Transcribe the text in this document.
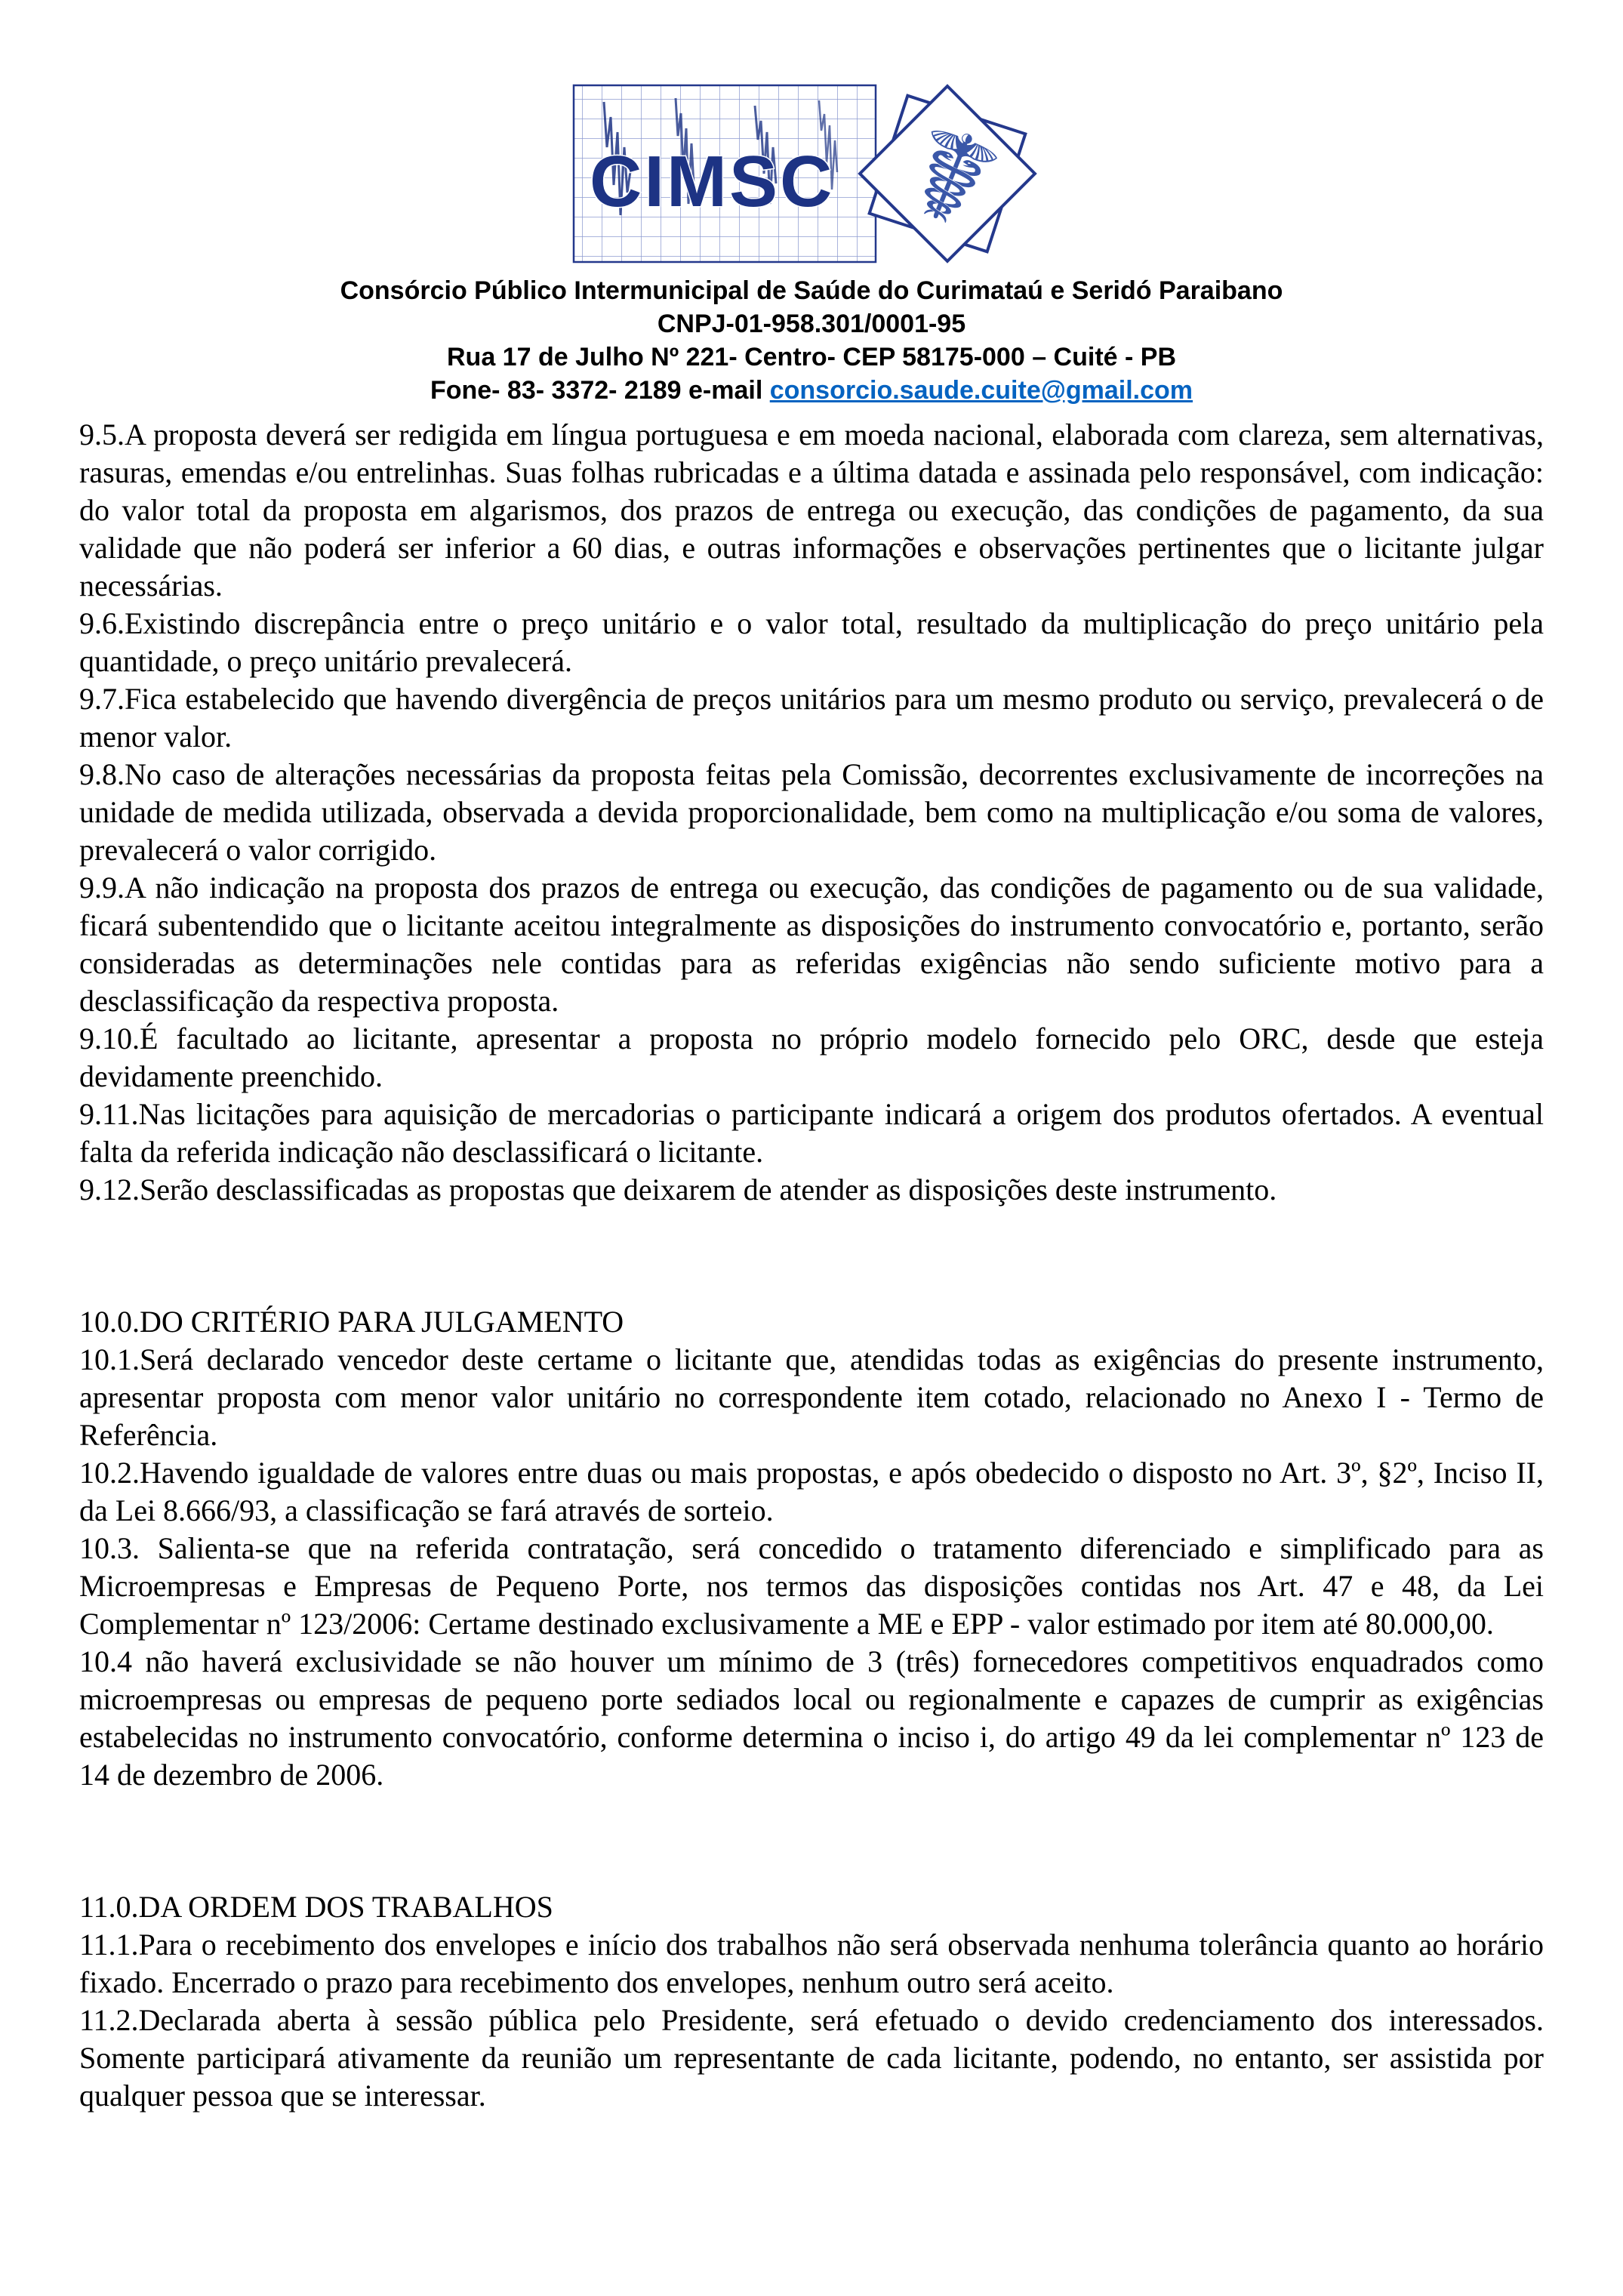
CIMSC ☤
Consórcio Público Intermunicipal de Saúde do Curimataú e Seridó Paraibano
CNPJ-01-958.301/0001-95
Rua 17 de Julho Nº 221- Centro- CEP 58175-000 – Cuité - PB
Fone- 83- 3372- 2189 e-mail consorcio.saude.cuite@gmail.com

9.5.A proposta deverá ser redigida em língua portuguesa e em moeda nacional, elaborada com clareza, sem alternativas, rasuras, emendas e/ou entrelinhas. Suas folhas rubricadas e a última datada e assinada pelo responsável, com indicação: do valor total da proposta em algarismos, dos prazos de entrega ou execução, das condições de pagamento, da sua validade que não poderá ser inferior a 60 dias, e outras informações e observações pertinentes que o licitante julgar necessárias.

9.6.Existindo discrepância entre o preço unitário e o valor total, resultado da multiplicação do preço unitário pela quantidade, o preço unitário prevalecerá.

9.7.Fica estabelecido que havendo divergência de preços unitários para um mesmo produto ou serviço, prevalecerá o de menor valor.

9.8.No caso de alterações necessárias da proposta feitas pela Comissão, decorrentes exclusivamente de incorreções na unidade de medida utilizada, observada a devida proporcionalidade, bem como na multiplicação e/ou soma de valores, prevalecerá o valor corrigido.

9.9.A não indicação na proposta dos prazos de entrega ou execução, das condições de pagamento ou de sua validade, ficará subentendido que o licitante aceitou integralmente as disposições do instrumento convocatório e, portanto, serão consideradas as determinações nele contidas para as referidas exigências não sendo suficiente motivo para a desclassificação da respectiva proposta.

9.10.É facultado ao licitante, apresentar a proposta no próprio modelo fornecido pelo ORC, desde que esteja devidamente preenchido.

9.11.Nas licitações para aquisição de mercadorias o participante indicará a origem dos produtos ofertados. A eventual falta da referida indicação não desclassificará o licitante.

9.12.Serão desclassificadas as propostas que deixarem de atender as disposições deste instrumento.

10.0.DO CRITÉRIO PARA JULGAMENTO

10.1.Será declarado vencedor deste certame o licitante que, atendidas todas as exigências do presente instrumento, apresentar proposta com menor valor unitário no correspondente item cotado, relacionado no Anexo I - Termo de Referência.

10.2.Havendo igualdade de valores entre duas ou mais propostas, e após obedecido o disposto no Art. 3º, §2º, Inciso II, da Lei 8.666/93, a classificação se fará através de sorteio.

10.3. Salienta-se que na referida contratação, será concedido o tratamento diferenciado e simplificado para as Microempresas e Empresas de Pequeno Porte, nos termos das disposições contidas nos Art. 47 e 48, da Lei Complementar nº 123/2006: Certame destinado exclusivamente a ME e EPP - valor estimado por item até 80.000,00.

10.4 não haverá exclusividade se não houver um mínimo de 3 (três) fornecedores competitivos enquadrados como microempresas ou empresas de pequeno porte sediados local ou regionalmente e capazes de cumprir as exigências estabelecidas no instrumento convocatório, conforme determina o inciso i, do artigo 49 da lei complementar nº 123 de 14 de dezembro de 2006.

11.0.DA ORDEM DOS TRABALHOS

11.1.Para o recebimento dos envelopes e início dos trabalhos não será observada nenhuma tolerância quanto ao horário fixado. Encerrado o prazo para recebimento dos envelopes, nenhum outro será aceito.

11.2.Declarada aberta à sessão pública pelo Presidente, será efetuado o devido credenciamento dos interessados. Somente participará ativamente da reunião um representante de cada licitante, podendo, no entanto, ser assistida por qualquer pessoa que se interessar.
